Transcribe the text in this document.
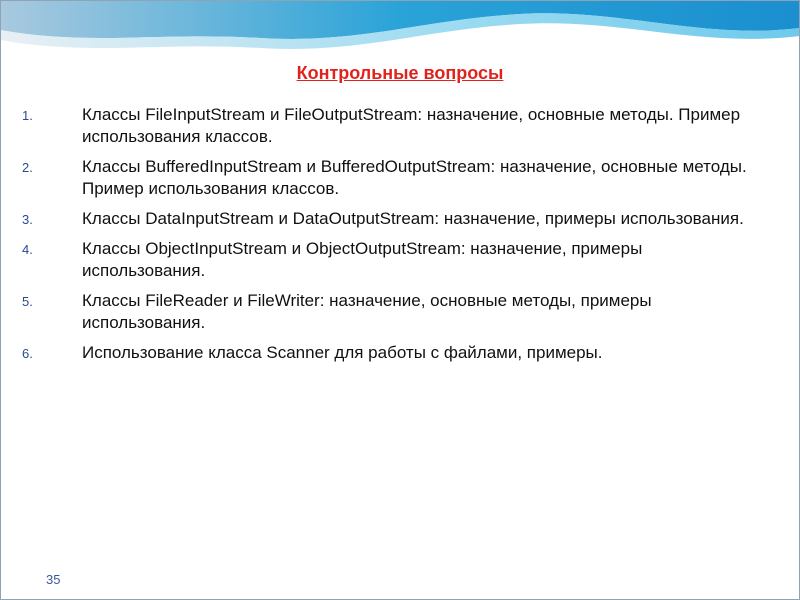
Контрольные вопросы
1.	Классы FileInputStream и FileOutputStream: назначение, основные методы. Пример использования классов.
2.	Классы BufferedInputStream и BufferedOutputStream: назначение, основные методы. Пример использования классов.
3.	Классы DataInputStream и DataOutputStream: назначение, примеры использования.
4.	Классы ObjectInputStream и ObjectOutputStream: назначение, примеры использования.
5.	Классы FileReader и FileWriter: назначение, основные методы, примеры использования.
6.	Использование класса Scanner для работы с файлами, примеры.
35
